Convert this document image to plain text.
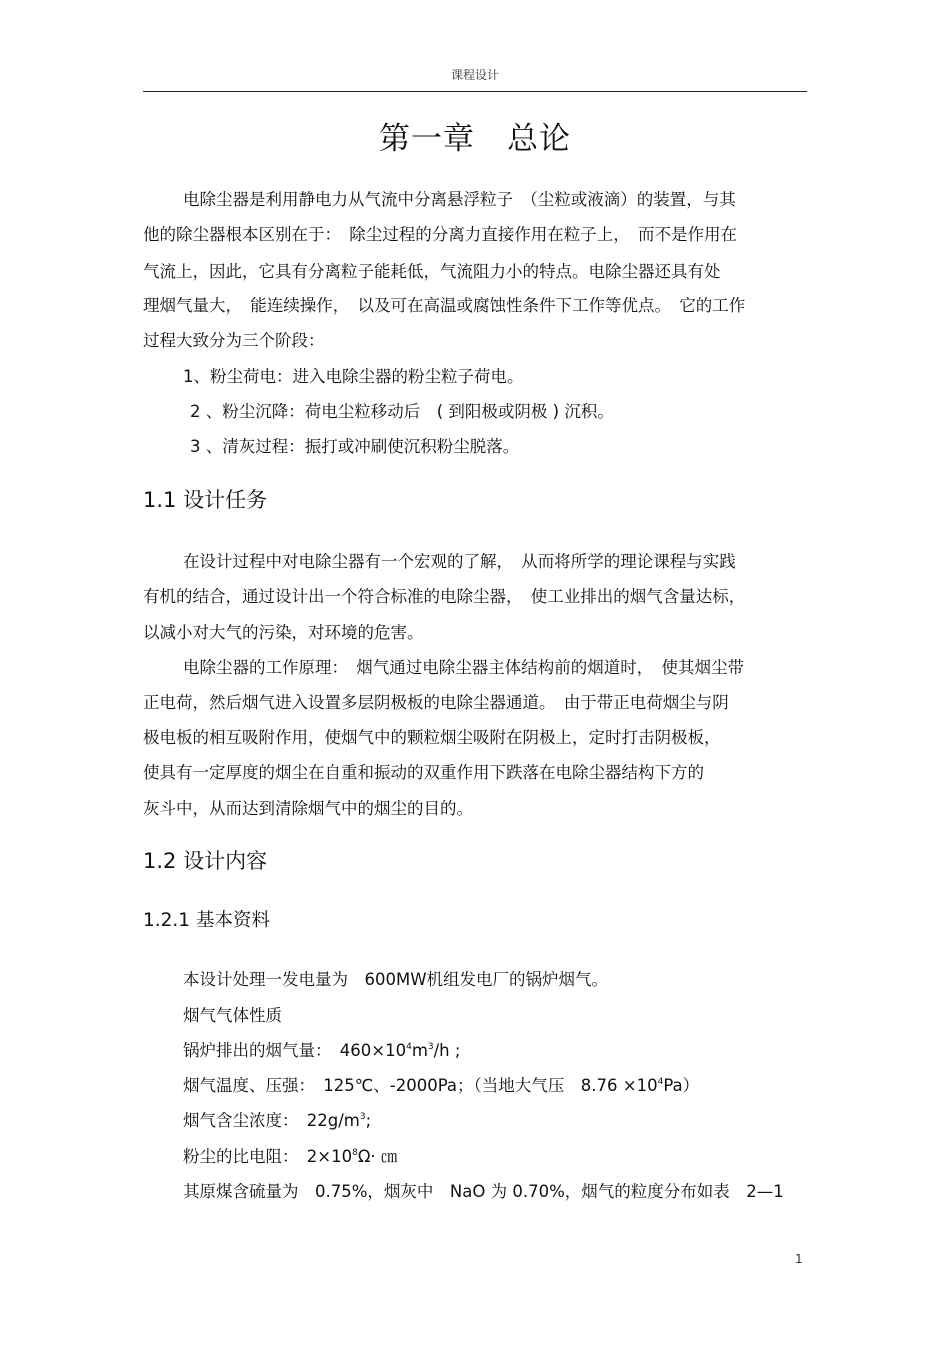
课程设计
第一章　总论
电除尘器是利用静电力从气流中分离悬浮粒子　（尘粒或液滴）的装置，与其
他的除尘器根本区别在于：　除尘过程的分离力直接作用在粒子上，　而不是作用在
气流上，因此，它具有分离粒子能耗低，气流阻力小的特点。电除尘器还具有处
理烟气量大，　能连续操作，　以及可在高温或腐蚀性条件下工作等优点。　它的工作
过程大致分为三个阶段：
1、粉尘荷电：进入电除尘器的粉尘粒子荷电。
2 、粉尘沉降：荷电尘粒移动后　( 到阳极或阴极 ) 沉积。
3 、清灰过程：振打或冲刷使沉积粉尘脱落。
1.1 设计任务
在设计过程中对电除尘器有一个宏观的了解，　从而将所学的理论课程与实践
有机的结合，通过设计出一个符合标准的电除尘器，　使工业排出的烟气含量达标，
以减小对大气的污染，对环境的危害。
电除尘器的工作原理：　烟气通过电除尘器主体结构前的烟道时，　使其烟尘带
正电荷，然后烟气进入设置多层阴极板的电除尘器通道。　由于带正电荷烟尘与阴
极电板的相互吸附作用，使烟气中的颗粒烟尘吸附在阴极上，定时打击阴极板，
使具有一定厚度的烟尘在自重和振动的双重作用下跌落在电除尘器结构下方的
灰斗中，从而达到清除烟气中的烟尘的目的。
1.2 设计内容
1.2.1 基本资料
本设计处理一发电量为　600MW机组发电厂的锅炉烟气。
烟气气体性质
锅炉排出的烟气量：　$460\times 10^4m^3/h$ ;
烟气温度、压强：　125℃、-2000Pa；（当地大气压　$8.76 \times 10^4Pa$）
烟气含尘浓度：　$22g/m^3$;
粉尘的比电阻：　$2\times 10^8\Omega\cdot$ ㎝
其原煤含硫量为　0.75%，烟灰中　NaO 为 0.70%，烟气的粒度分布如表　2—1
1
